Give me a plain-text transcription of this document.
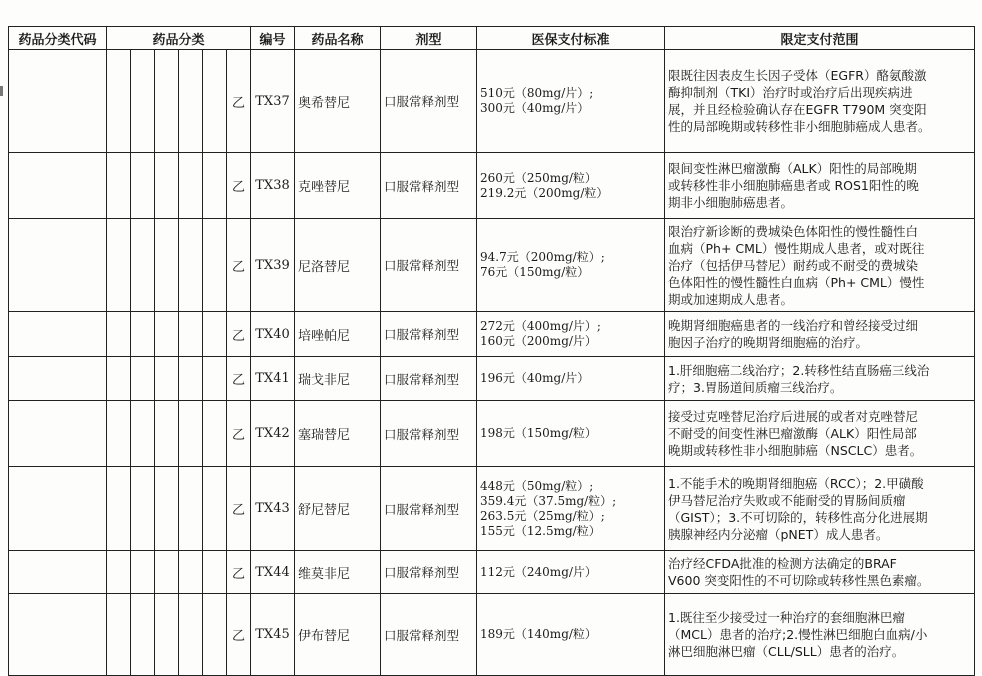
药品分类代码	药品分类						编号	药品名称	剂型	医保支付标准	限定支付范围
						乙	TX37	奥希替尼	口服常释剂型	510元（80mg/片）;
300元（40mg/片）	限既往因表皮生长因子受体（EGFR）酪氨酸激
酶抑制剂（TKI）治疗时或治疗后出现疾病进
展，并且经检验确认存在EGFR T790M 突变阳
性的局部晚期或转移性非小细胞肺癌成人患者。

						乙	TX38	克唑替尼	口服常释剂型	260元（250mg/粒）
219.2元（200mg/粒）	限间变性淋巴瘤激酶（ALK）阳性的局部晚期
或转移性非小细胞肺癌患者或 ROS1阳性的晚
期非小细胞肺癌患者。

						乙	TX39	尼洛替尼	口服常释剂型	94.7元（200mg/粒）;
76元（150mg/粒）	限治疗新诊断的费城染色体阳性的慢性髓性白
血病（Ph+ CML）慢性期成人患者，或对既往
治疗（包括伊马替尼）耐药或不耐受的费城染
色体阳性的慢性髓性白血病（Ph+ CML）慢性
期或加速期成人患者。

						乙	TX40	培唑帕尼	口服常释剂型	272元（400mg/片）;
160元（200mg/片）	晚期肾细胞癌患者的一线治疗和曾经接受过细
胞因子治疗的晚期肾细胞癌的治疗。

						乙	TX41	瑞戈非尼	口服常释剂型	196元（40mg/片）	1.肝细胞癌二线治疗；2.转移性结直肠癌三线治
疗；3.胃肠道间质瘤三线治疗。

						乙	TX42	塞瑞替尼	口服常释剂型	198元（150mg/粒）	接受过克唑替尼治疗后进展的或者对克唑替尼
不耐受的间变性淋巴瘤激酶（ALK）阳性局部
晚期或转移性非小细胞肺癌（NSCLC）患者。

						乙	TX43	舒尼替尼	口服常释剂型	448元（50mg/粒）;
359.4元（37.5mg/粒）;
263.5元（25mg/粒）;
155元（12.5mg/粒）	1.不能手术的晚期肾细胞癌（RCC）；2.甲磺酸
伊马替尼治疗失败或不能耐受的胃肠间质瘤
（GIST）；3.不可切除的，转移性高分化进展期
胰腺神经内分泌瘤（pNET）成人患者。

						乙	TX44	维莫非尼	口服常释剂型	112元（240mg/片）	治疗经CFDA批准的检测方法确定的BRAF
V600 突变阳性的不可切除或转移性黑色素瘤。

						乙	TX45	伊布替尼	口服常释剂型	189元（140mg/粒）	1.既往至少接受过一种治疗的套细胞淋巴瘤
（MCL）患者的治疗;2.慢性淋巴细胞白血病/小
淋巴细胞淋巴瘤（CLL/SLL）患者的治疗。
